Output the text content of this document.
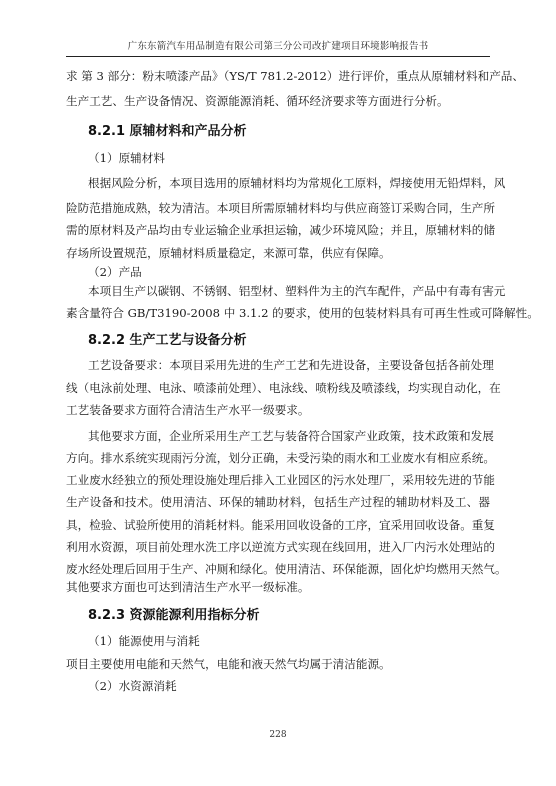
广东东箭汽车用品制造有限公司第三分公司改扩建项目环境影响报告书
求 第 3 部分：粉末喷漆产品》（YS/T 781.2-2012）进行评价，重点从原辅材料和产品、
生产工艺、生产设备情况、资源能源消耗、循环经济要求等方面进行分析。
8.2.1 原辅材料和产品分析
（1）原辅材料
根据风险分析，本项目选用的原辅材料均为常规化工原料，焊接使用无铅焊料，风
险防范措施成熟，较为清洁。本项目所需原辅材料均与供应商签订采购合同，生产所
需的原材料及产品均由专业运输企业承担运输，减少环境风险；并且，原辅材料的储
存场所设置规范，原辅材料质量稳定，来源可靠，供应有保障。
（2）产品
本项目生产以碳钢、不锈钢、铝型材、塑料件为主的汽车配件，产品中有毒有害元
素含量符合 GB/T3190-2008 中 3.1.2 的要求，使用的包装材料具有可再生性或可降解性。
8.2.2 生产工艺与设备分析
工艺设备要求：本项目采用先进的生产工艺和先进设备，主要设备包括各前处理
线（电泳前处理、电泳、喷漆前处理）、电泳线、喷粉线及喷漆线，均实现自动化，在
工艺装备要求方面符合清洁生产水平一级要求。
其他要求方面，企业所采用生产工艺与装备符合国家产业政策，技术政策和发展
方向。排水系统实现雨污分流，划分正确，未受污染的雨水和工业废水有相应系统。
工业废水经独立的预处理设施处理后排入工业园区的污水处理厂，采用较先进的节能
生产设备和技术。使用清洁、环保的辅助材料，包括生产过程的辅助材料及工、器
具，检验、试验所使用的消耗材料。能采用回收设备的工序，宜采用回收设备。重复
利用水资源，项目前处理水洗工序以逆流方式实现在线回用，进入厂内污水处理站的
废水经处理后回用于生产、冲厕和绿化。使用清洁、环保能源，固化炉均燃用天然气。
其他要求方面也可达到清洁生产水平一级标准。
8.2.3 资源能源利用指标分析
（1）能源使用与消耗
项目主要使用电能和天然气，电能和液天然气均属于清洁能源。
（2）水资源消耗
228
